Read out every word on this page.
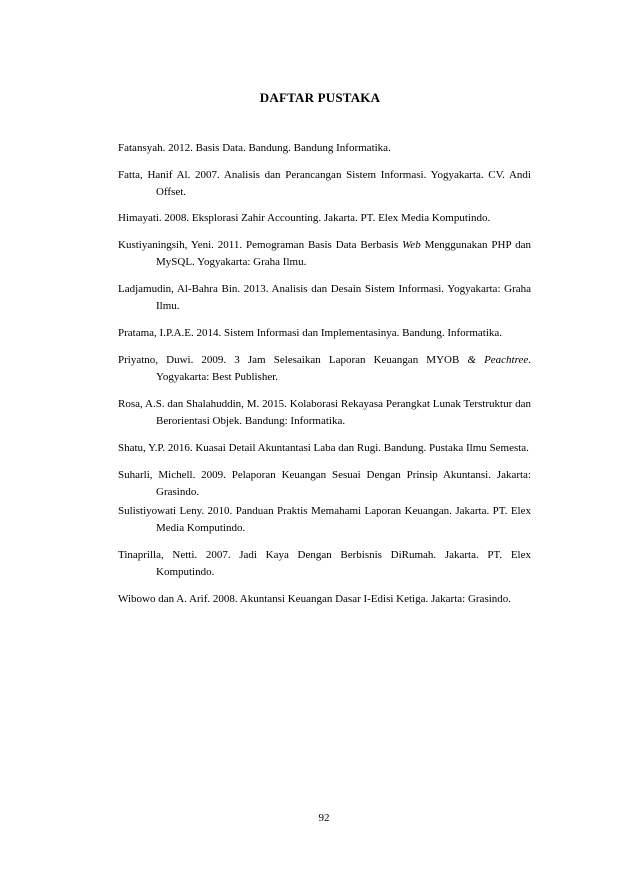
DAFTAR PUSTAKA

Fatansyah. 2012. Basis Data. Bandung. Bandung Informatika.

Fatta, Hanif Al. 2007. Analisis dan Perancangan Sistem Informasi. Yogyakarta. CV. Andi Offset.

Himayati. 2008. Eksplorasi Zahir Accounting. Jakarta. PT. Elex Media Komputindo.

Kustiyaningsih, Yeni. 2011. Pemograman Basis Data Berbasis Web Menggunakan PHP dan MySQL. Yogyakarta: Graha Ilmu.

Ladjamudin, Al-Bahra Bin. 2013. Analisis dan Desain Sistem Informasi. Yogyakarta: Graha Ilmu.

Pratama, I.P.A.E. 2014. Sistem Informasi dan Implementasinya. Bandung. Informatika.

Priyatno, Duwi. 2009. 3 Jam Selesaikan Laporan Keuangan MYOB & Peachtree. Yogyakarta: Best Publisher.

Rosa, A.S. dan Shalahuddin, M. 2015. Kolaborasi Rekayasa Perangkat Lunak Terstruktur dan Berorientasi Objek. Bandung: Informatika.

Shatu, Y.P. 2016. Kuasai Detail Akuntantasi Laba dan Rugi. Bandung. Pustaka Ilmu Semesta.

Suharli, Michell. 2009. Pelaporan Keuangan Sesuai Dengan Prinsip Akuntansi. Jakarta: Grasindo.

Sulistiyowati Leny. 2010. Panduan Praktis Memahami Laporan Keuangan. Jakarta. PT. Elex Media Komputindo.

Tinaprilla, Netti. 2007. Jadi Kaya Dengan Berbisnis DiRumah. Jakarta. PT. Elex Komputindo.

Wibowo dan A. Arif. 2008. Akuntansi Keuangan Dasar I-Edisi Ketiga. Jakarta: Grasindo.

92
